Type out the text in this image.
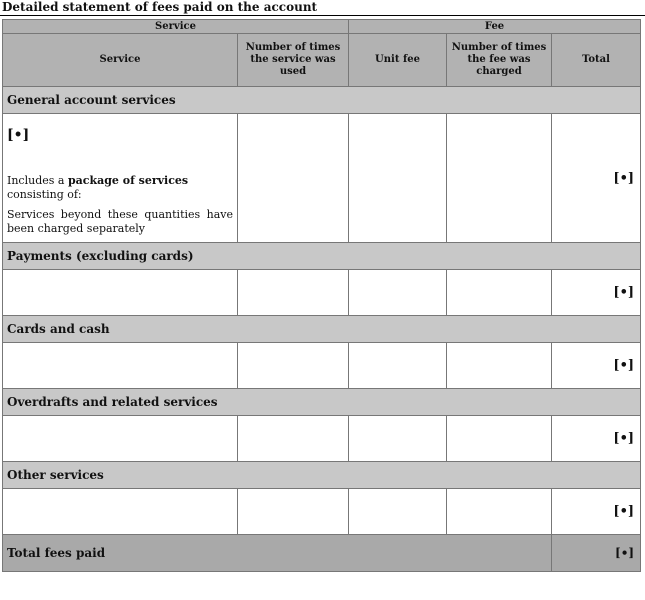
Detailed statement of fees paid on the account
Service		Fee		
Service	Number of times the service was used	Unit fee	Number of times the fee was charged	Total
General account services				

[•]

Includes a package of services consisting of:

Services beyond these quantities have been charged separately				[•]
Payments (excluding cards)				
				[•]
Cards and cash				
				[•]
Overdrafts and related services				
				[•]
Other services				
				[•]
Total fees paid				[•]
